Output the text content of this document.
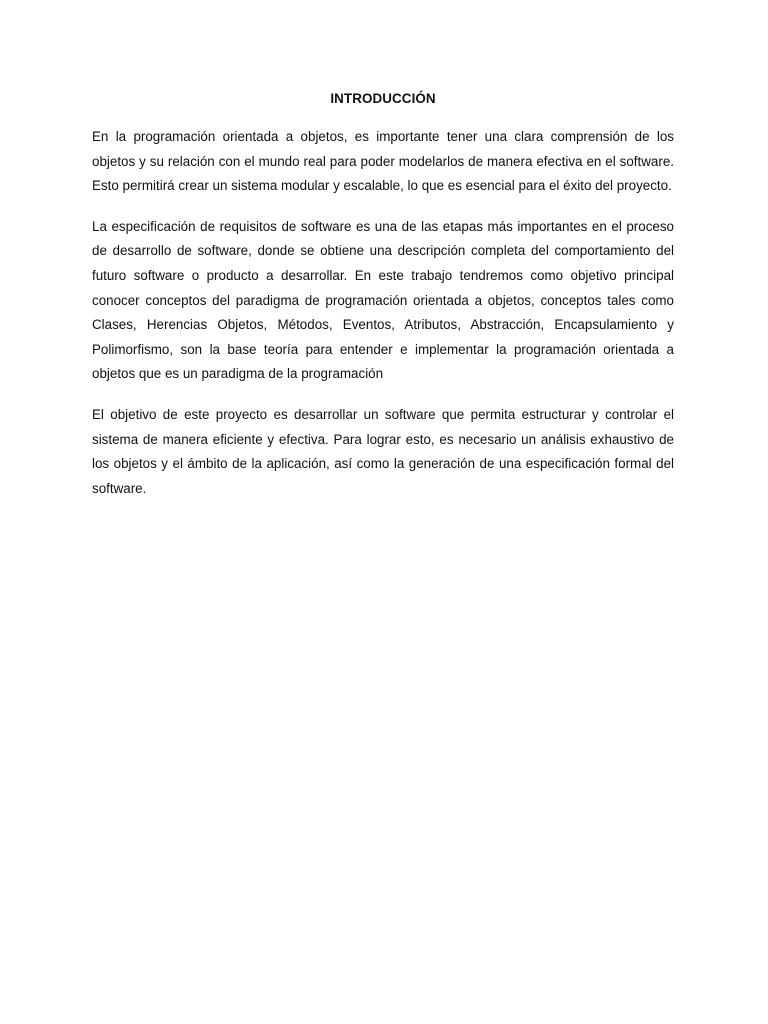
INTRODUCCIÓN

En la programación orientada a objetos, es importante tener una clara comprensión de los objetos y su relación con el mundo real para poder modelarlos de manera efectiva en el software. Esto permitirá crear un sistema modular y escalable, lo que es esencial para el éxito del proyecto.

La especificación de requisitos de software es una de las etapas más importantes en el proceso de desarrollo de software, donde se obtiene una descripción completa del comportamiento del futuro software o producto a desarrollar. En este trabajo tendremos como objetivo principal conocer conceptos del paradigma de programación orientada a objetos, conceptos tales como Clases, Herencias Objetos, Métodos, Eventos, Atributos, Abstracción, Encapsulamiento y Polimorfismo, son la base teoría para entender e implementar la programación orientada a objetos que es un paradigma de la programación

El objetivo de este proyecto es desarrollar un software que permita estructurar y controlar el sistema de manera eficiente y efectiva. Para lograr esto, es necesario un análisis exhaustivo de los objetos y el ámbito de la aplicación, así como la generación de una especificación formal del software.
